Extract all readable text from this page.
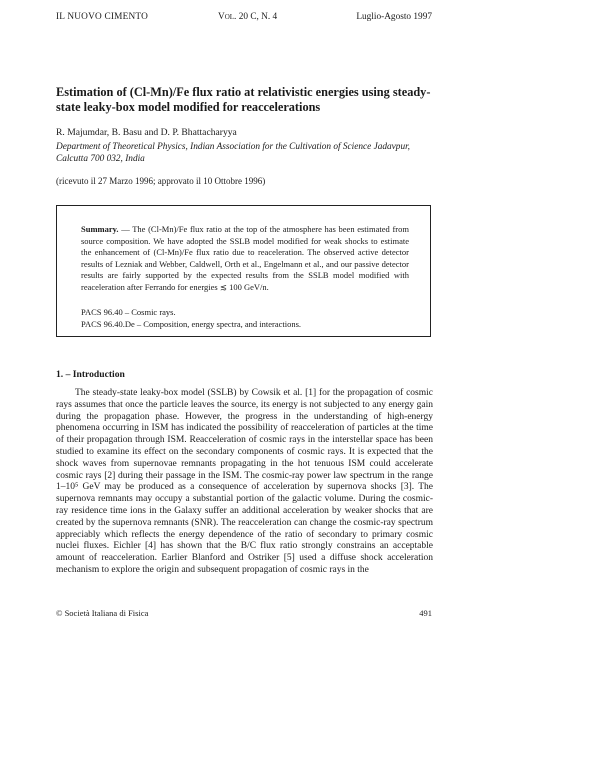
IL NUOVO CIMENTO	Vol. 20 C, N. 4	Luglio-Agosto 1997
Estimation of (Cl-Mn)/Fe flux ratio at relativistic energies using steady-state leaky-box model modified for reaccelerations
R. Majumdar, B. Basu and D. P. Bhattacharyya
Department of Theoretical Physics, Indian Association for the Cultivation of Science Jadavpur, Calcutta 700 032, India
(ricevuto il 27 Marzo 1996; approvato il 10 Ottobre 1996)
Summary. — The (Cl-Mn)/Fe flux ratio at the top of the atmosphere has been estimated from source composition. We have adopted the SSLB model modified for weak shocks to estimate the enhancement of (Cl-Mn)/Fe flux ratio due to reaceleration. The observed active detector results of Lezniak and Webber, Caldwell, Orth et al., Engelmann et al., and our passive detector results are fairly supported by the expected results from the SSLB model modified with reaceleration after Ferrando for energies ≲ 100 GeV/n.
PACS 96.40 – Cosmic rays.
PACS 96.40.De – Composition, energy spectra, and interactions.
1. – Introduction
The steady-state leaky-box model (SSLB) by Cowsik et al. [1] for the propagation of cosmic rays assumes that once the particle leaves the source, its energy is not subjected to any energy gain during the propagation phase. However, the progress in the understanding of high-energy phenomena occurring in ISM has indicated the possibility of reacceleration of particles at the time of their propagation through ISM. Reacceleration of cosmic rays in the interstellar space has been studied to examine its effect on the secondary components of cosmic rays. It is expected that the shock waves from supernovae remnants propagating in the hot tenuous ISM could accelerate cosmic rays [2] during their passage in the ISM. The cosmic-ray power law spectrum in the range 1–10⁵ GeV may be produced as a consequence of acceleration by supernova shocks [3]. The supernova remnants may occupy a substantial portion of the galactic volume. During the cosmic-ray residence time ions in the Galaxy suffer an additional acceleration by weaker shocks that are created by the supernova remnants (SNR). The reacceleration can change the cosmic-ray spectrum appreciably which reflects the energy dependence of the ratio of secondary to primary cosmic nuclei fluxes. Eichler [4] has shown that the B/C flux ratio strongly constrains an acceptable amount of reacceleration. Earlier Blanford and Ostriker [5] used a diffuse shock acceleration mechanism to explore the origin and subsequent propagation of cosmic rays in the
© Società Italiana di Fisica	491
